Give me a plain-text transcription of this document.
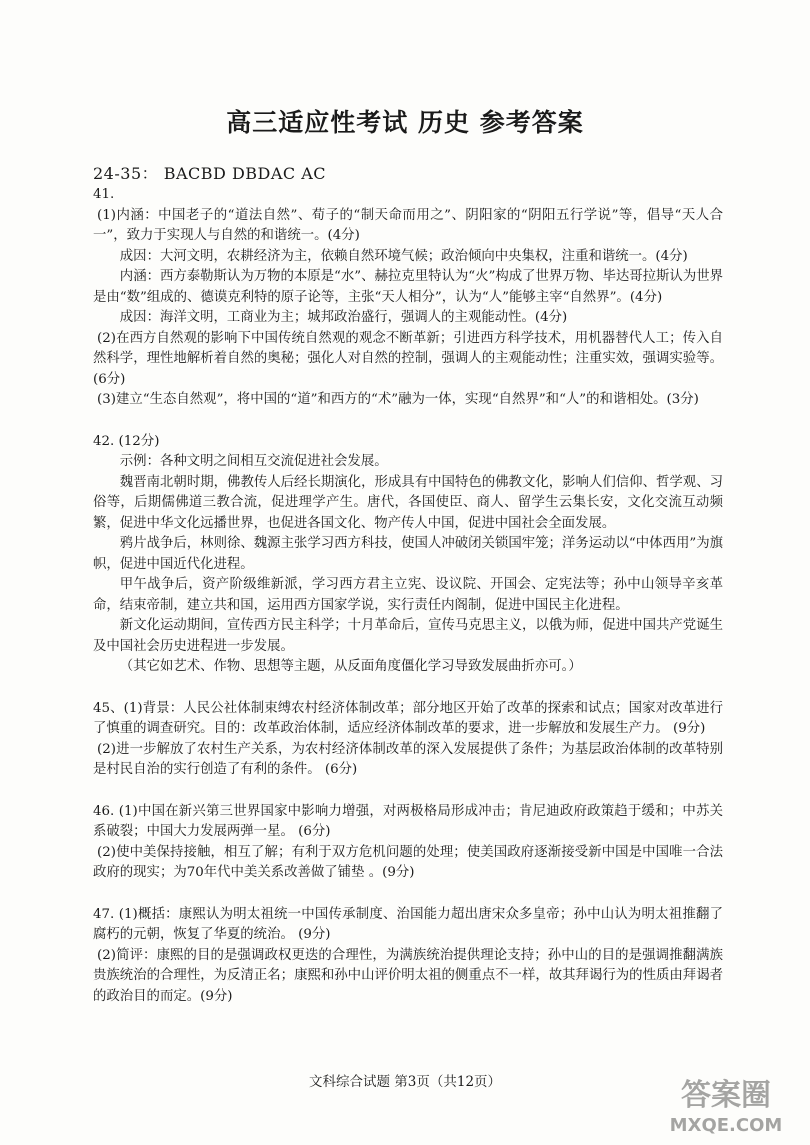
高三适应性考试 历史 参考答案

24-35： BACBD DBDAC AC

41.

(1)内涵：中国老子的“道法自然”、荀子的“制天命而用之”、阴阳家的“阴阳五行学说”等，倡导“天人合一”，致力于实现人与自然的和谐统一。(4分)

成因：大河文明，农耕经济为主，依赖自然环境气候；政治倾向中央集权，注重和谐统一。(4分)

内涵：西方泰勒斯认为万物的本原是“水”、赫拉克里特认为“火”构成了世界万物、毕达哥拉斯认为世界是由“数”组成的、德谟克利特的原子论等，主张“天人相分”，认为“人”能够主宰“自然界”。(4分)

成因：海洋文明，工商业为主；城邦政治盛行，强调人的主观能动性。(4分)

(2)在西方自然观的影响下中国传统自然观的观念不断革新；引进西方科学技术，用机器替代人工；传入自然科学，理性地解析着自然的奥秘；强化人对自然的控制，强调人的主观能动性；注重实效，强调实验等。(6分)

(3)建立“生态自然观”，将中国的“道”和西方的“术”融为一体，实现“自然界”和“人”的和谐相处。(3分)

42. (12分)

示例：各种文明之间相互交流促进社会发展。

魏晋南北朝时期，佛教传人后经长期演化，形成具有中国特色的佛教文化，影响人们信仰、哲学观、习俗等，后期儒佛道三教合流，促进理学产生。唐代，各国使臣、商人、留学生云集长安，文化交流互动频繁，促进中华文化远播世界，也促进各国文化、物产传人中国，促进中国社会全面发展。

鸦片战争后，林则徐、魏源主张学习西方科技，使国人冲破闭关锁国牢笼；洋务运动以“中体西用”为旗帜，促进中国近代化进程。

甲午战争后，资产阶级维新派，学习西方君主立宪、设议院、开国会、定宪法等；孙中山领导辛亥革命，结束帝制，建立共和国，运用西方国家学说，实行责任内阁制，促进中国民主化进程。

新文化运动期间，宣传西方民主科学；十月革命后，宣传马克思主义，以俄为师，促进中国共产党诞生及中国社会历史进程进一步发展。

（其它如艺术、作物、思想等主题，从反面角度僵化学习导致发展曲折亦可。）

45、(1)背景：人民公社体制束缚农村经济体制改革；部分地区开始了改革的探索和试点；国家对改革进行了慎重的调查研究。目的：改革政治体制，适应经济体制改革的要求，进一步解放和发展生产力。 (9分)

(2)进一步解放了农村生产关系，为农村经济体制改革的深入发展提供了条件；为基层政治体制的改革特别是村民自治的实行创造了有利的条件。 (6分)

46. (1)中国在新兴第三世界国家中影响力增强，对两极格局形成冲击；肯尼迪政府政策趋于缓和；中苏关系破裂；中国大力发展两弹一星。 (6分)

(2)使中美保持接触，相互了解；有利于双方危机问题的处理；使美国政府逐渐接受新中国是中国唯一合法政府的现实；为70年代中美关系改善做了铺垫 。(9分)

47. (1)概括：康熙认为明太祖统一中国传承制度、治国能力超出唐宋众多皇帝；孙中山认为明太祖推翻了腐朽的元朝，恢复了华夏的统治。 (9分)

(2)简评：康熙的目的是强调政权更迭的合理性，为满族统治提供理论支持；孙中山的目的是强调推翻满族贵族统治的合理性，为反清正名；康熙和孙中山评价明太祖的侧重点不一样，故其拜谒行为的性质由拜谒者的政治目的而定。(9分)

文科综合试题 第3页（共12页）	答案圈
MXQE.COM
